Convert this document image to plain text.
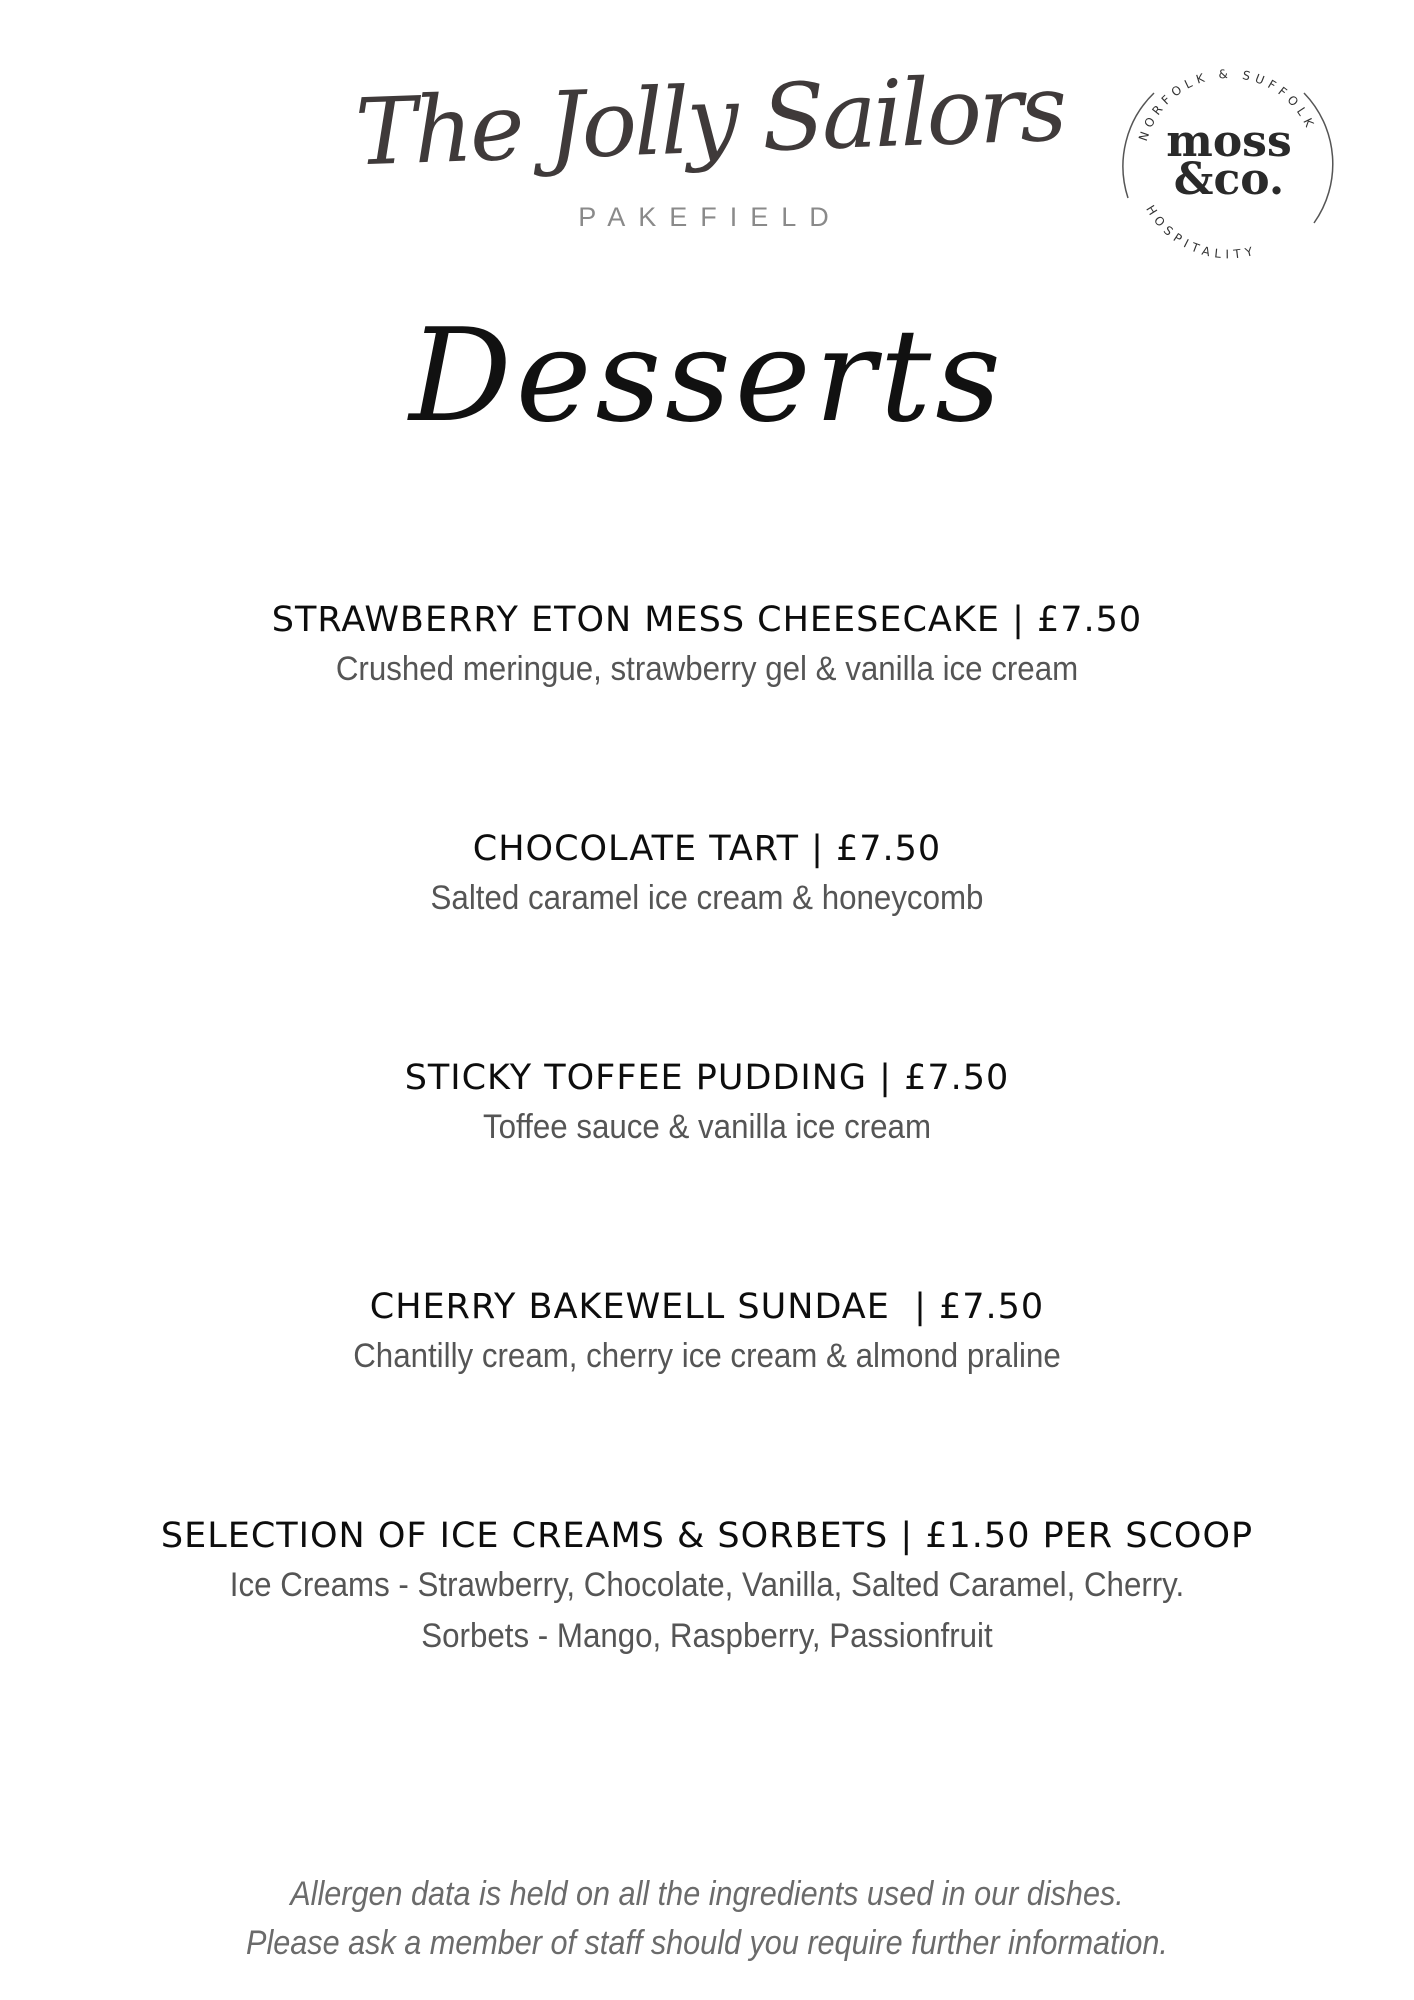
The Jolly Sailors
PAKEFIELD
NORFOLK & SUFFOLK
HOSPITALITY
moss
&co.
Desserts
STRAWBERRY ETON MESS CHEESECAKE | £7.50
Crushed meringue, strawberry gel & vanilla ice cream
CHOCOLATE TART | £7.50
Salted caramel ice cream & honeycomb
STICKY TOFFEE PUDDING | £7.50
Toffee sauce & vanilla ice cream
CHERRY BAKEWELL SUNDAE  | £7.50
Chantilly cream, cherry ice cream & almond praline
SELECTION OF ICE CREAMS & SORBETS | £1.50 PER SCOOP
Ice Creams - Strawberry, Chocolate, Vanilla, Salted Caramel, Cherry.
Sorbets - Mango, Raspberry, Passionfruit
Allergen data is held on all the ingredients used in our dishes.
Please ask a member of staff should you require further information.
